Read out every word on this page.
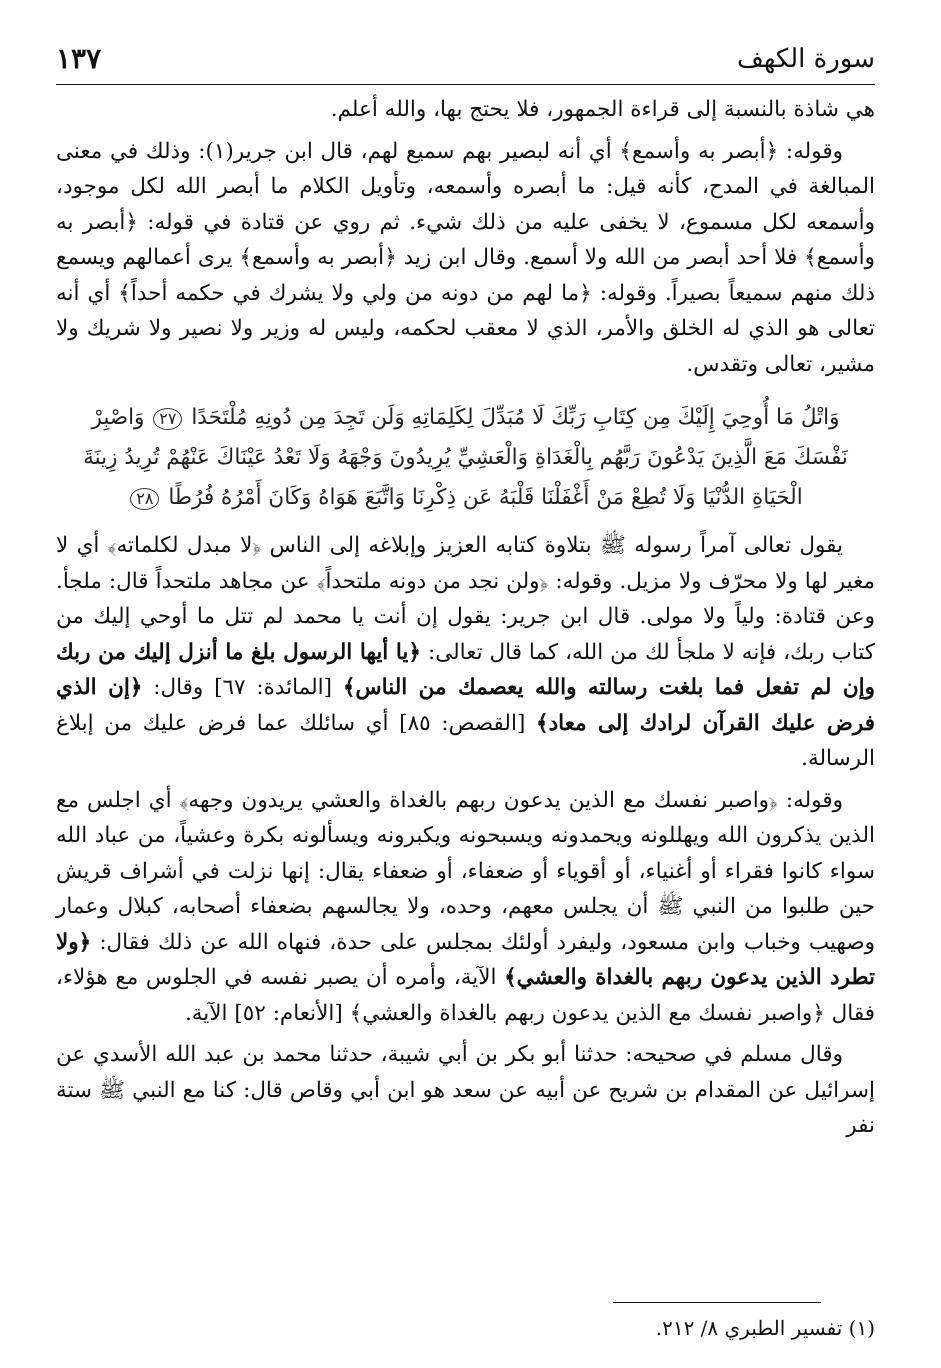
سورة الكهف
١٣٧

هي شاذة بالنسبة إلى قراءة الجمهور، فلا يحتج بها، والله أعلم.

وقوله: ﴿أبصر به وأسمع﴾ أي أنه لبصير بهم سميع لهم، قال ابن جرير(١): وذلك في معنى المبالغة في المدح، كأنه قيل: ما أبصره وأسمعه، وتأويل الكلام ما أبصر الله لكل موجود، وأسمعه لكل مسموع، لا يخفى عليه من ذلك شيء. ثم روي عن قتادة في قوله: ﴿أبصر به وأسمع﴾ فلا أحد أبصر من الله ولا أسمع. وقال ابن زيد ﴿أبصر به وأسمع﴾ يرى أعمالهم ويسمع ذلك منهم سميعاً بصيراً. وقوله: ﴿ما لهم من دونه من ولي ولا يشرك في حكمه أحداً﴾ أي أنه تعالى هو الذي له الخلق والأمر، الذي لا معقب لحكمه، وليس له وزير ولا نصير ولا شريك ولا مشير، تعالى وتقدس.

وَاتْلُ مَا أُوحِيَ إِلَيْكَ مِن كِتَابِ رَبِّكَ لَا مُبَدِّلَ لِكَلِمَاتِهِ وَلَن تَجِدَ مِن دُونِهِ مُلْتَحَدًا ٢٧ وَاصْبِرْ نَفْسَكَ مَعَ الَّذِينَ يَدْعُونَ رَبَّهُم بِالْغَدَاةِ وَالْعَشِيِّ يُرِيدُونَ وَجْهَهُ وَلَا تَعْدُ عَيْنَاكَ عَنْهُمْ تُرِيدُ زِينَةَ الْحَيَاةِ الدُّنْيَا وَلَا تُطِعْ مَنْ أَغْفَلْنَا قَلْبَهُ عَن ذِكْرِنَا وَاتَّبَعَ هَوَاهُ وَكَانَ أَمْرُهُ فُرُطًا ٢٨

يقول تعالى آمراً رسوله ﷺ بتلاوة كتابه العزيز وإبلاغه إلى الناس ﴿لا مبدل لكلماته﴾ أي لا مغير لها ولا محرّف ولا مزيل. وقوله: ﴿ولن نجد من دونه ملتحداً﴾ عن مجاهد ملتحداً قال: ملجأ. وعن قتادة: ولياً ولا مولى. قال ابن جرير: يقول إن أنت يا محمد لم تتل ما أوحي إليك من كتاب ربك، فإنه لا ملجأ لك من الله، كما قال تعالى: ﴿يا أيها الرسول بلغ ما أنزل إليك من ربك وإن لم تفعل فما بلغت رسالته والله يعصمك من الناس﴾ [المائدة: ٦٧] وقال: ﴿إن الذي فرض عليك القرآن لرادك إلى معاد﴾ [القصص: ٨٥] أي سائلك عما فرض عليك من إبلاغ الرسالة.

وقوله: ﴿واصبر نفسك مع الذين يدعون ربهم بالغداة والعشي يريدون وجهه﴾ أي اجلس مع الذين يذكرون الله ويهللونه ويحمدونه ويسبحونه ويكبرونه ويسألونه بكرة وعشياً، من عباد الله سواء كانوا فقراء أو أغنياء، أو أقوياء أو ضعفاء، أو ضعفاء يقال: إنها نزلت في أشراف قريش حين طلبوا من النبي ﷺ أن يجلس معهم، وحده، ولا يجالسهم بضعفاء أصحابه، كبلال وعمار وصهيب وخباب وابن مسعود، وليفرد أولئك بمجلس على حدة، فنهاه الله عن ذلك فقال: ﴿ولا تطرد الذين يدعون ربهم بالغداة والعشي﴾ الآية، وأمره أن يصبر نفسه في الجلوس مع هؤلاء، فقال ﴿واصبر نفسك مع الذين يدعون ربهم بالغداة والعشي﴾ [الأنعام: ٥٢] الآية.

وقال مسلم في صحيحه: حدثنا أبو بكر بن أبي شيبة، حدثنا محمد بن عبد الله الأسدي عن إسرائيل عن المقدام بن شريح عن أبيه عن سعد هو ابن أبي وقاص قال: كنا مع النبي ﷺ ستة نفر

(١) تفسير الطبري ٨/ ٢١٢.
